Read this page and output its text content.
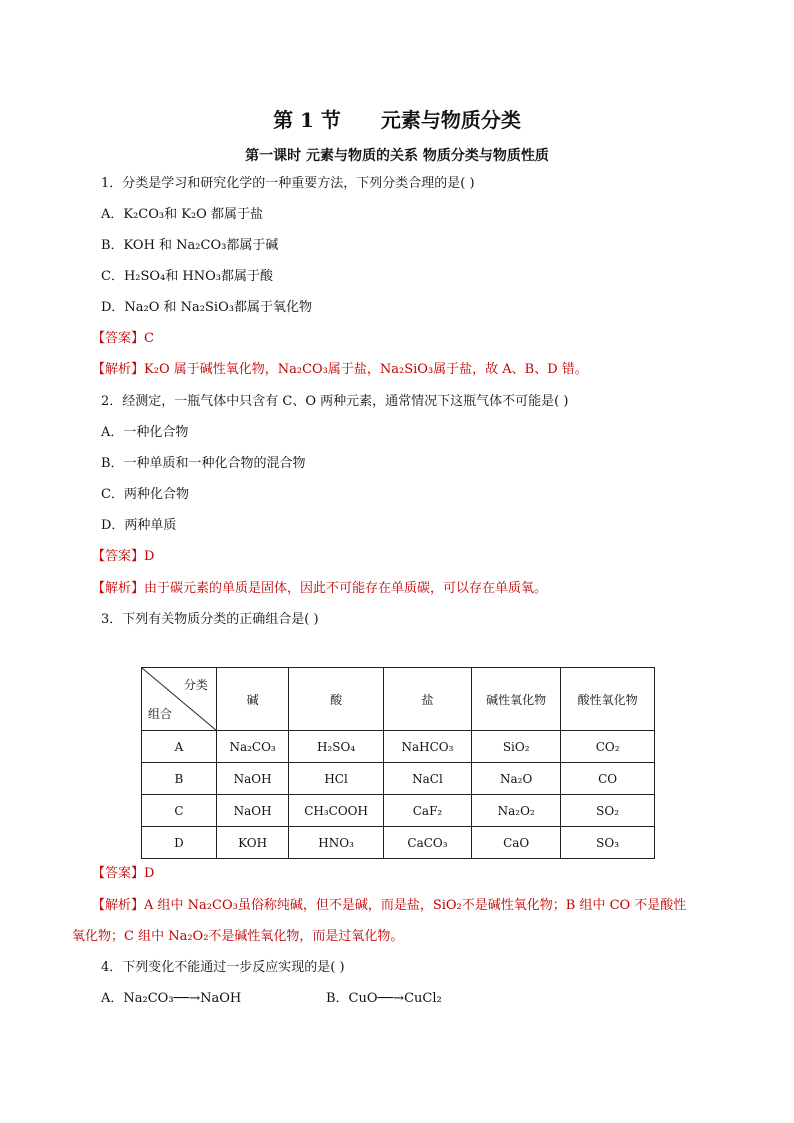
第 1 节 元素与物质分类
第一课时 元素与物质的关系 物质分类与物质性质
1．分类是学习和研究化学的一种重要方法，下列分类合理的是( )
A．K₂CO₃和 K₂O 都属于盐
B．KOH 和 Na₂CO₃都属于碱
C．H₂SO₄和 HNO₃都属于酸
D．Na₂O 和 Na₂SiO₃都属于氧化物
【答案】C
【解析】K₂O 属于碱性氧化物，Na₂CO₃属于盐，Na₂SiO₃属于盐，故 A、B、D 错。
2．经测定，一瓶气体中只含有 C、O 两种元素，通常情况下这瓶气体不可能是( )
A．一种化合物
B．一种单质和一种化合物的混合物
C．两种化合物
D．两种单质
【答案】D
【解析】由于碳元素的单质是固体，因此不可能存在单质碳，可以存在单质氧。
3．下列有关物质分类的正确组合是( )
分类
组合	碱	酸	盐	碱性氧化物	酸性氧化物
A	Na₂CO₃	H₂SO₄	NaHCO₃	SiO₂	CO₂
B	NaOH	HCl	NaCl	Na₂O	CO
C	NaOH	CH₃COOH	CaF₂	Na₂O₂	SO₂
D	KOH	HNO₃	CaCO₃	CaO	SO₃
【答案】D
【解析】A 组中 Na₂CO₃虽俗称纯碱，但不是碱，而是盐，SiO₂不是碱性氧化物；B 组中 CO 不是酸性
氧化物；C 组中 Na₂O₂不是碱性氧化物，而是过氧化物。
4．下列变化不能通过一步反应实现的是( )
A．Na₂CO₃──→NaOH	B．CuO──→CuCl₂
